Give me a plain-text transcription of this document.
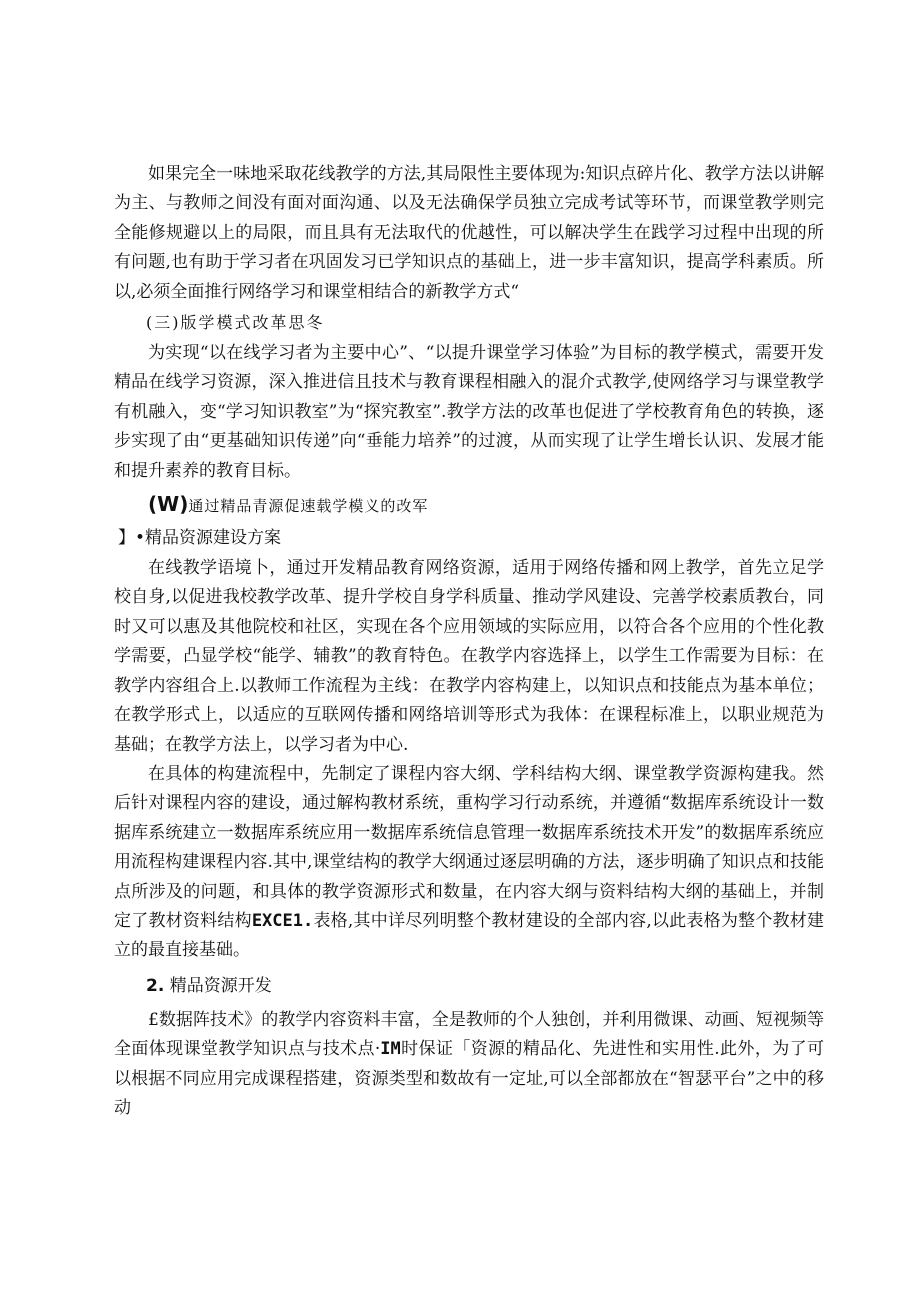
如果完全一味地采取花线教学的方法,其局限性主要体现为:知识点碎片化、教学方法以讲解为主、与教师之间没有面对面沟通、以及无法确保学员独立完成考试等环节，而课堂教学则完全能修规避以上的局限，而且具有无法取代的优越性，可以解决学生在践学习过程中出现的所有问题,也有助于学习者在巩固发习已学知识点的基础上，进一步丰富知识，提高学科素质。所以,必须全面推行网络学习和课堂相结合的新教学方式“

(三)版学模式改革思冬

为实现“以在线学习者为主要中心”、“以提升课堂学习体验”为目标的教学模式，需要开发精品在线学习资源，深入推进信且技术与教育课程相融入的混介式教学,使网络学习与课堂教学有机融入，变“学习知识教室”为“探究教室”.教学方法的改革也促进了学校教育角色的转换，逐步实现了由“更基础知识传递”向“垂能力培养”的过渡，从而实现了让学生增长认识、发展才能和提升素养的教育目标。

(W)通过精品青源促速载学模义的改军

】•精品资源建设方案

在线教学语境卜，通过开发精品教育网络资源，适用于网络传播和网上教学，首先立足学校自身,以促进我校教学改革、提升学校自身学科质量、推动学风建设、完善学校素质教台，同时又可以惠及其他院校和社区，实现在各个应用领域的实际应用，以符合各个应用的个性化教学需要，凸显学校“能学、辅教”的教育特色。在教学内容选择上，以学生工作需要为目标：在教学内容组合上.以教师工作流程为主线：在教学内容构建上，以知识点和技能点为基本单位；在教学形式上，以适应的互联网传播和网络培训等形式为我体：在课程标准上，以职业规范为基础；在教学方法上，以学习者为中心.

在具体的构建流程中，先制定了课程内容大纲、学科结构大纲、课堂教学资源构建我。然后针对课程内容的建设，通过解构教材系统，重构学习行动系统，并遵循“数据库系统设计一数据库系统建立一数据库系统应用一数据库系统信息管理一数据库系统技术开发”的数据库系统应用流程构建课程内容.其中,课堂结构的教学大纲通过逐层明确的方法，逐步明确了知识点和技能点所涉及的问题，和具体的教学资源形式和数量，在内容大纲与资料结构大纲的基础上，并制定了教材资料结构EXCE1.表格,其中详尽列明整个教材建设的全部内容,以此表格为整个教材建立的最直接基础。

2. 精品资源开发

£数据阵技术》的教学内容资料丰富，全是教师的个人独创，并利用微课、动画、短视频等全面体现课堂教学知识点与技术点·IM时保证「资源的精品化、先进性和实用性.此外，为了可以根据不同应用完成课程搭建，资源类型和数故有一定址,可以全部都放在“智瑟平台”之中的移动
